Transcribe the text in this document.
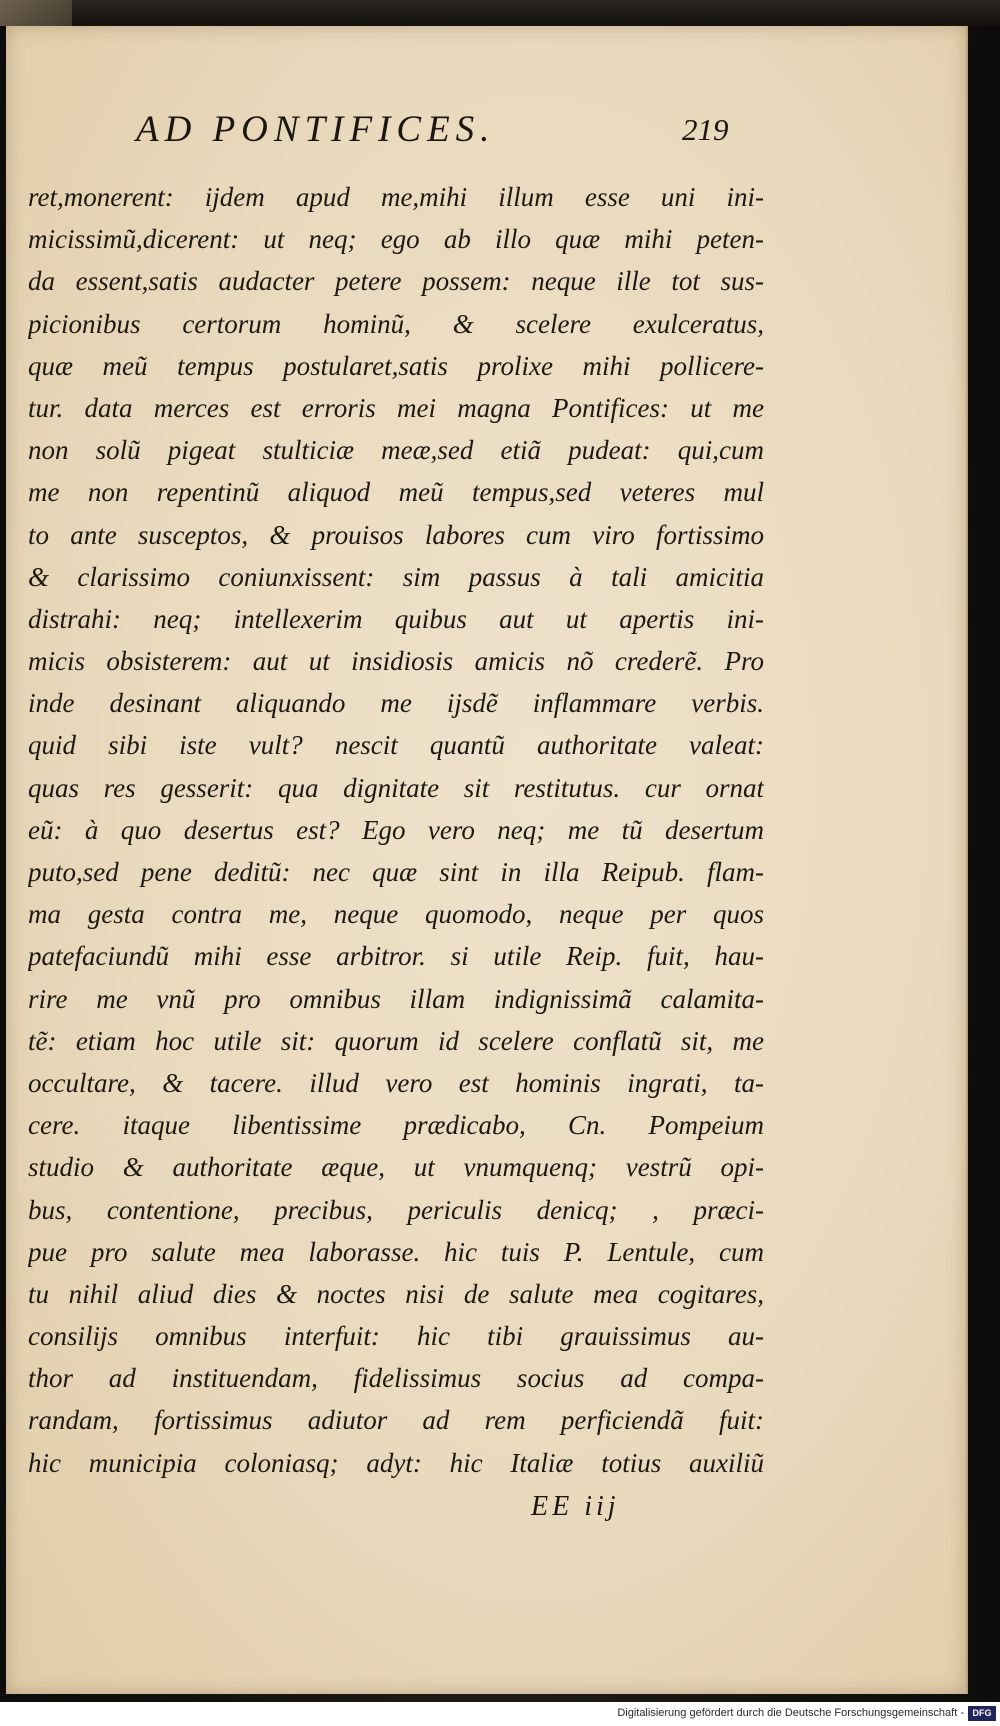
AD PONTIFICES.	219
ret,monerent: ijdem apud me,mihi illum esse uni ini-
micissimũ,dicerent: ut neq; ego ab illo quæ mihi peten-
da essent,satis audacter petere possem: neque ille tot sus-
picionibus certorum hominũ, & scelere exulceratus,
quæ meũ tempus postularet,satis prolixe mihi pollicere-
tur. data merces est erroris mei magna Pontifices: ut me
non solũ pigeat stulticiæ meæ,sed etiã pudeat: qui,cum
me non repentinũ aliquod meũ tempus,sed veteres mul
to ante susceptos, & prouisos labores cum viro fortissimo
& clarissimo coniunxissent: sim passus à tali amicitia
distrahi: neq; intellexerim quibus aut ut apertis ini-
micis obsisterem: aut ut insidiosis amicis nõ crederẽ. Pro
inde desinant aliquando me ijsdẽ inflammare verbis.
quid sibi iste vult? nescit quantũ authoritate valeat:
quas res gesserit: qua dignitate sit restitutus. cur ornat
eũ: à quo desertus est? Ego vero neq; me tũ desertum
puto,sed pene deditũ: nec quæ sint in illa Reipub. flam-
ma gesta contra me, neque quomodo, neque per quos
patefaciundũ mihi esse arbitror. si utile Reip. fuit, hau-
rire me vnũ pro omnibus illam indignissimã calamita-
tẽ: etiam hoc utile sit: quorum id scelere conflatũ sit, me
occultare, & tacere. illud vero est hominis ingrati, ta-
cere. itaque libentissime prædicabo, Cn. Pompeium
studio & authoritate æque, ut vnumquenq; vestrũ opi-
bus, contentione, precibus, periculis denicq; , præci-
pue pro salute mea laborasse. hic tuis P. Lentule, cum
tu nihil aliud dies & noctes nisi de salute mea cogitares,
consilijs omnibus interfuit: hic tibi grauissimus au-
thor ad instituendam, fidelissimus socius ad compa-
randam, fortissimus adiutor ad rem perficiendã fuit:
hic municipia coloniasq; adyt: hic Italiæ totius auxiliũ
EE iij
Digitalisierung gefördert durch die Deutsche Forschungsgemeinschaft - DFG
